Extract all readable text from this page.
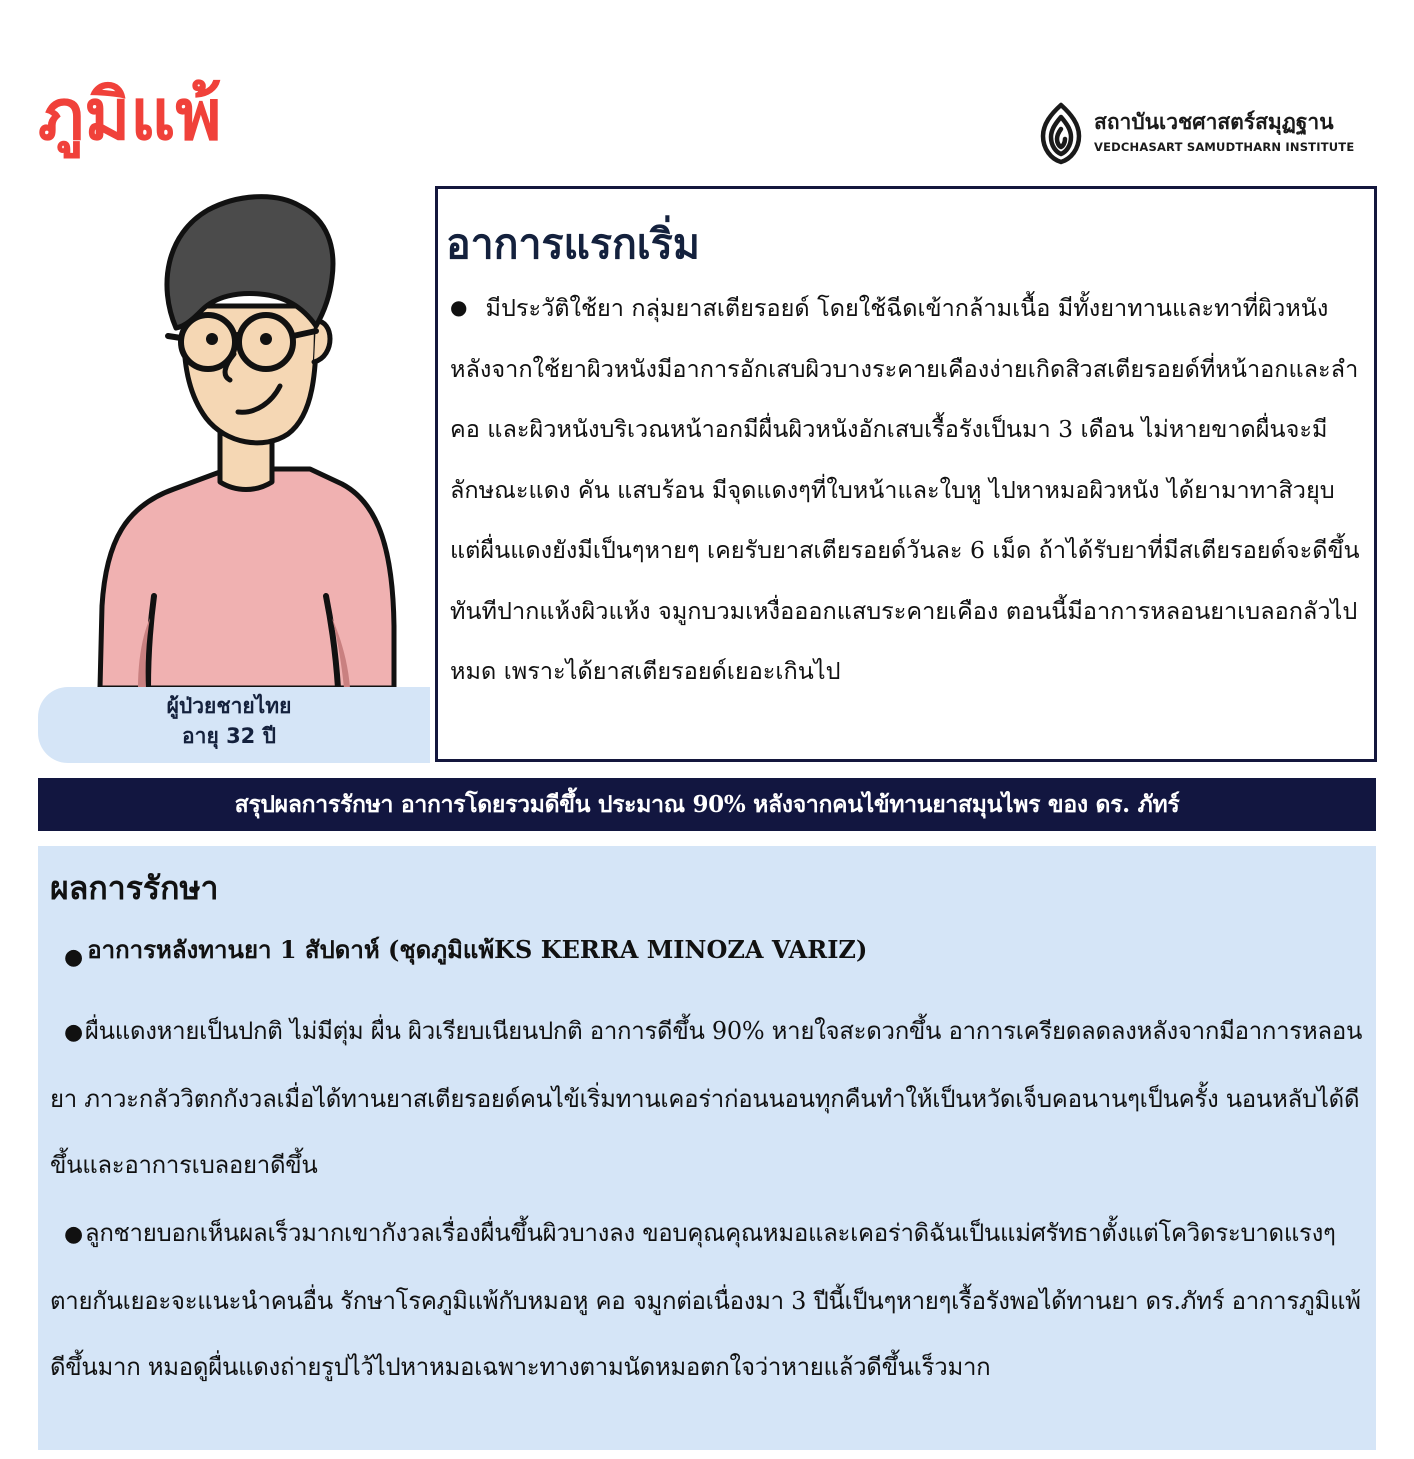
ภูมิแพ้	สถาบันเวชศาสตร์สมุฏฐาน
VEDCHASART SAMUDTHARN INSTITUTE
ผู้ป่วยชายไทย
อายุ 32 ปี
อาการแรกเริ่ม
● มีประวัติใช้ยา กลุ่มยาสเตียรอยด์ โดยใช้ฉีดเข้ากล้ามเนื้อ มีทั้งยาทานและทาที่ผิวหนัง หลังจากใช้ยาผิวหนังมีอาการอักเสบผิวบางระคายเคืองง่ายเกิดสิวสเตียรอยด์ที่หน้าอกและลำคอ และผิวหนังบริเวณหน้าอกมีผื่นผิวหนังอักเสบเรื้อรังเป็นมา 3 เดือน ไม่หายขาดผื่นจะมีลักษณะแดง คัน แสบร้อน มีจุดแดงๆที่ใบหน้าและใบหู ไปหาหมอผิวหนัง ได้ยามาทาสิวยุบ แต่ผื่นแดงยังมีเป็นๆหายๆ เคยรับยาสเตียรอยด์วันละ 6 เม็ด ถ้าได้รับยาที่มีสเตียรอยด์จะดีขึ้นทันทีปากแห้งผิวแห้ง จมูกบวมเหงื่อออกแสบระคายเคือง ตอนนี้มีอาการหลอนยาเบลอกลัวไปหมด เพราะได้ยาสเตียรอยด์เยอะเกินไป
สรุปผลการรักษา อาการโดยรวมดีขึ้น ประมาณ 90% หลังจากคนไข้ทานยาสมุนไพร ของ ดร. ภัทร์
ผลการรักษา
● อาการหลังทานยา 1 สัปดาห์ (ชุดภูมิแพ้KS KERRA MINOZA VARIZ)
●ผื่นแดงหายเป็นปกติ ไม่มีตุ่ม ผื่น ผิวเรียบเนียนปกติ อาการดีขึ้น 90% หายใจสะดวกขึ้น อาการเครียดลดลงหลังจากมีอาการหลอนยา ภาวะกลัววิตกกังวลเมื่อได้ทานยาสเตียรอยด์คนไข้เริ่มทานเคอร่าก่อนนอนทุกคืนทำให้เป็นหวัดเจ็บคอนานๆเป็นครั้ง นอนหลับได้ดีขึ้นและอาการเบลอยาดีขึ้น
●ลูกชายบอกเห็นผลเร็วมากเขากังวลเรื่องผื่นขึ้นผิวบางลง ขอบคุณคุณหมอและเคอร่าดิฉันเป็นแม่ศรัทธาตั้งแต่โควิดระบาดแรงๆ ตายกันเยอะจะแนะนำคนอื่น รักษาโรคภูมิแพ้กับหมอหู คอ จมูกต่อเนื่องมา 3 ปีนี้เป็นๆหายๆเรื้อรังพอได้ทานยา ดร.ภัทร์ อาการภูมิแพ้ดีขึ้นมาก หมอดูผื่นแดงถ่ายรูปไว้ไปหาหมอเฉพาะทางตามนัดหมอตกใจว่าหายแล้วดีขึ้นเร็วมาก
